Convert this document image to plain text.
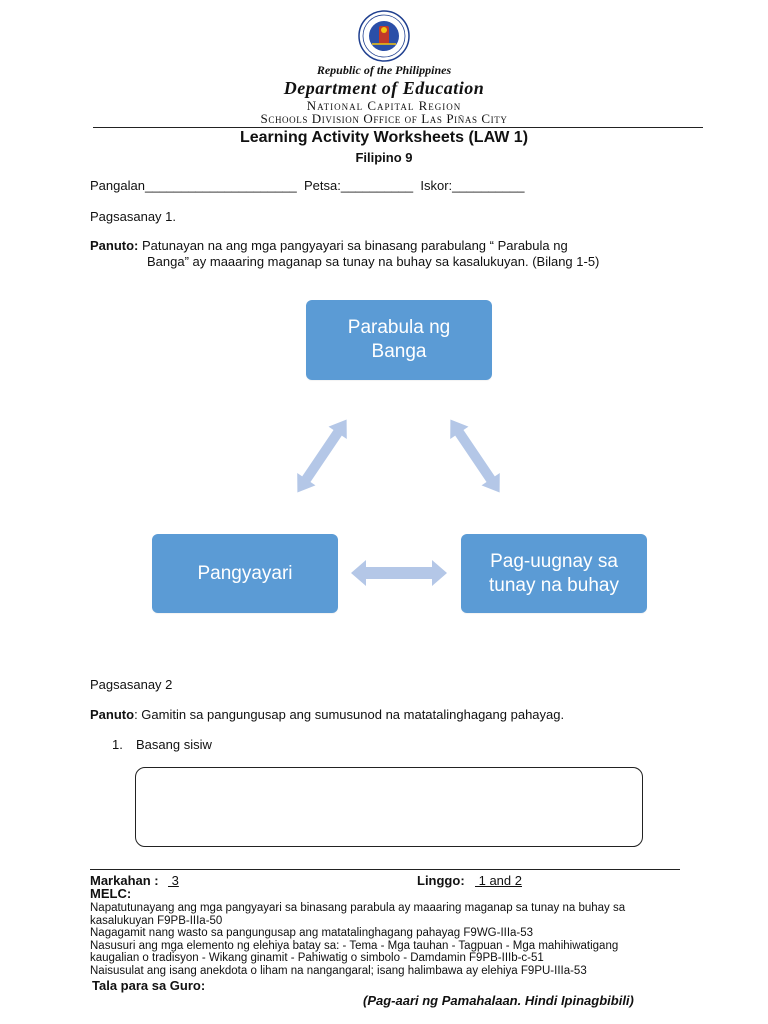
Republic of the Philippines
Department of Education
National Capital Region
Schools Division Office of Las Piñas City
Learning Activity Worksheets (LAW 1)
Filipino 9
Pangalan_____________________  Petsa:__________  Iskor:__________
Pagsasanay 1.
Panuto: Patunayan na ang mga pangyayari sa binasang parabulang “ Parabula ng
Banga” ay maaaring maganap sa tunay na buhay sa kasalukuyan. (Bilang 1-5)
Parabula ng Banga
Pangyayari
Pag-uugnay sa tunay na buhay
Pagsasanay 2
Panuto: Gamitin sa pangungusap ang sumusunod na matatalinghagang pahayag.
1. Basang sisiw
Markahan : 3	Linggo: 1 and 2
MELC:
Napatutunayang ang mga pangyayari sa binasang parabula ay maaaring maganap sa tunay na buhay sa
kasalukuyan F9PB-IIIa-50
Nagagamit nang wasto sa pangungusap ang matatalinghagang pahayag F9WG-IIIa-53
Nasusuri ang mga elemento ng elehiya batay sa: - Tema - Mga tauhan - Tagpuan - Mga mahihiwatigang
kaugalian o tradisyon - Wikang ginamit - Pahiwatig o simbolo - Damdamin F9PB-IIIb-c-51
Naisusulat ang isang anekdota o liham na nangangaral; isang halimbawa ay elehiya F9PU-IIIa-53
Tala para sa Guro:
(Pag-aari ng Pamahalaan. Hindi Ipinagbibili)
